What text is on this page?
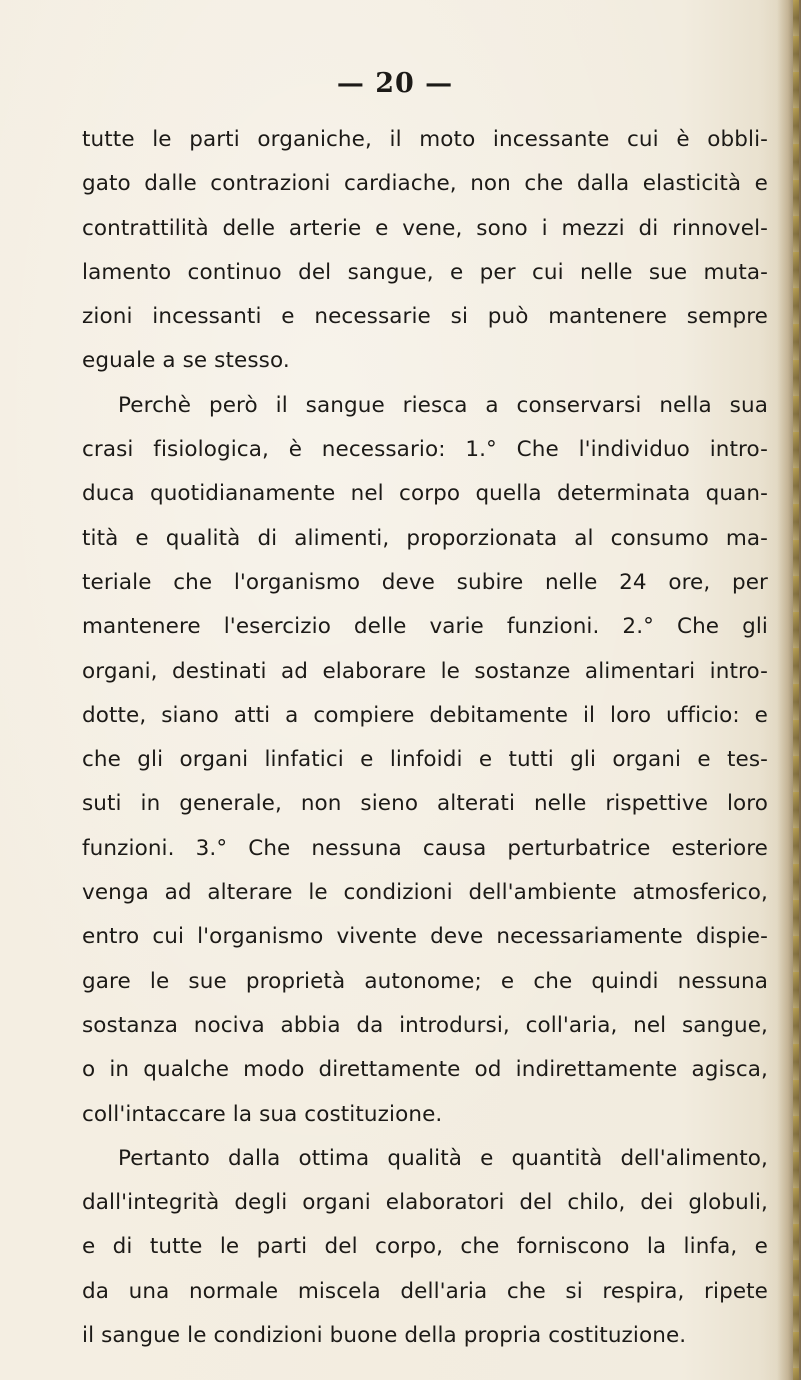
— 20 —
tutte le parti organiche, il moto incessante cui è obbli-
gato dalle contrazioni cardiache, non che dalla elasticità e
contrattilità delle arterie e vene, sono i mezzi di rinnovel-
lamento continuo del sangue, e per cui nelle sue muta-
zioni incessanti e necessarie si può mantenere sempre
eguale a se stesso.
Perchè però il sangue riesca a conservarsi nella sua
crasi fisiologica, è necessario: 1.° Che l'individuo intro-
duca quotidianamente nel corpo quella determinata quan-
tità e qualità di alimenti, proporzionata al consumo ma-
teriale che l'organismo deve subire nelle 24 ore, per
mantenere l'esercizio delle varie funzioni. 2.° Che gli
organi, destinati ad elaborare le sostanze alimentari intro-
dotte, siano atti a compiere debitamente il loro ufficio: e
che gli organi linfatici e linfoidi e tutti gli organi e tes-
suti in generale, non sieno alterati nelle rispettive loro
funzioni. 3.° Che nessuna causa perturbatrice esteriore
venga ad alterare le condizioni dell'ambiente atmosferico,
entro cui l'organismo vivente deve necessariamente dispie-
gare le sue proprietà autonome; e che quindi nessuna
sostanza nociva abbia da introdursi, coll'aria, nel sangue,
o in qualche modo direttamente od indirettamente agisca,
coll'intaccare la sua costituzione.
Pertanto dalla ottima qualità e quantità dell'alimento,
dall'integrità degli organi elaboratori del chilo, dei globuli,
e di tutte le parti del corpo, che forniscono la linfa, e
da una normale miscela dell'aria che si respira, ripete
il sangue le condizioni buone della propria costituzione.
